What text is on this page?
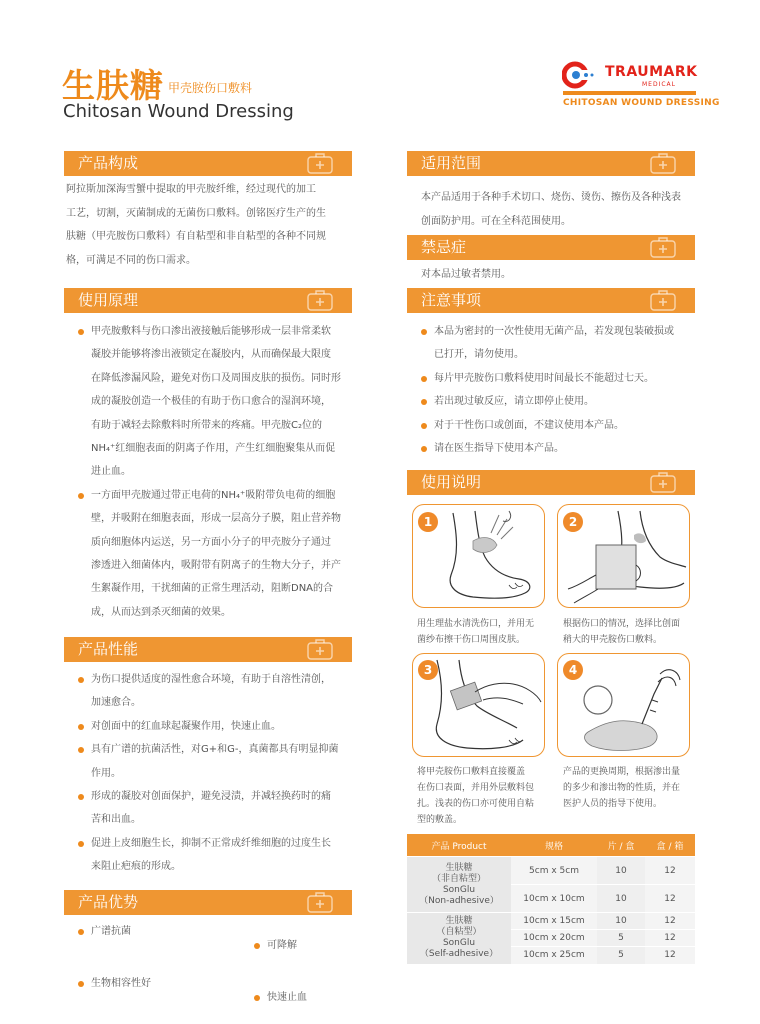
生肤糖 甲壳胺伤口敷料
Chitosan Wound Dressing
TRAUMARK
MEDICAL
CHITOSAN WOUND DRESSING
产品构成
阿拉斯加深海雪蟹中提取的甲壳胺纤维，经过现代的加工
工艺，切割，灭菌制成的无菌伤口敷料。创铭医疗生产的生
肤糖（甲壳胺伤口敷料）有自粘型和非自粘型的各种不同规
格，可满足不同的伤口需求。
使用原理
甲壳胺敷料与伤口渗出液接触后能够形成一层非常柔软
凝胶并能够将渗出液锁定在凝胶内，从而确保最大限度
在降低渗漏风险，避免对伤口及周围皮肤的损伤。同时形
成的凝胶创造一个极佳的有助于伤口愈合的湿润环境，
有助于减轻去除敷料时所带来的疼痛。甲壳胺C₂位的
NH₄⁺红细胞表面的阴离子作用，产生红细胞聚集从而促
进止血。
一方面甲壳胺通过带正电荷的NH₄⁺吸附带负电荷的细胞
壁，并吸附在细胞表面，形成一层高分子膜，阻止营养物
质向细胞体内运送，另一方面小分子的甲壳胺分子通过
渗透进入细菌体内，吸附带有阴离子的生物大分子，并产
生絮凝作用，干扰细菌的正常生理活动，阻断DNA的合
成，从而达到杀灭细菌的效果。
产品性能
为伤口提供适度的湿性愈合环境，有助于自溶性清创，
加速愈合。
对创面中的红血球起凝聚作用，快速止血。
具有广谱的抗菌活性，对G+和G-，真菌都具有明显抑菌
作用。
形成的凝胶对创面保护，避免浸渍，并减轻换药时的痛
苦和出血。
促进上皮细胞生长，抑制不正常成纤维细胞的过度生长
来阻止疤痕的形成。
产品优势
广谱抗菌
可降解
生物相容性好
快速止血
适用范围
本产品适用于各种手术切口、烧伤、烫伤、擦伤及各种浅表
创面防护用。可在全科范围使用。
禁忌症
对本品过敏者禁用。
注意事项
本品为密封的一次性使用无菌产品，若发现包装破损或
已打开，请勿使用。
每片甲壳胺伤口敷料使用时间最长不能超过七天。
若出现过敏反应，请立即停止使用。
对于干性伤口或创面，不建议使用本产品。
请在医生指导下使用本产品。
使用说明
1
用生理盐水清洗伤口，并用无
菌纱布擦干伤口周围皮肤。
2
根据伤口的情况，选择比创面
稍大的甲壳胺伤口敷料。
3
将甲壳胺伤口敷料直接覆盖
在伤口表面，并用外层敷料包
扎。浅表的伤口亦可使用自粘
型的敷盖。
4
产品的更换周期，根据渗出量
的多少和渗出物的性质，并在
医护人员的指导下使用。
产品 Product	规格	片 / 盒	盒 / 箱

生肤糖
（非自粘型）
SonGlu
（Non-adhesive）	5cm x 5cm	10	12
	10cm x 10cm	10	12

生肤糖
（自粘型）
SonGlu
（Self-adhesive）	10cm x 15cm	10	12
	10cm x 20cm	5	12
	10cm x 25cm	5	12
